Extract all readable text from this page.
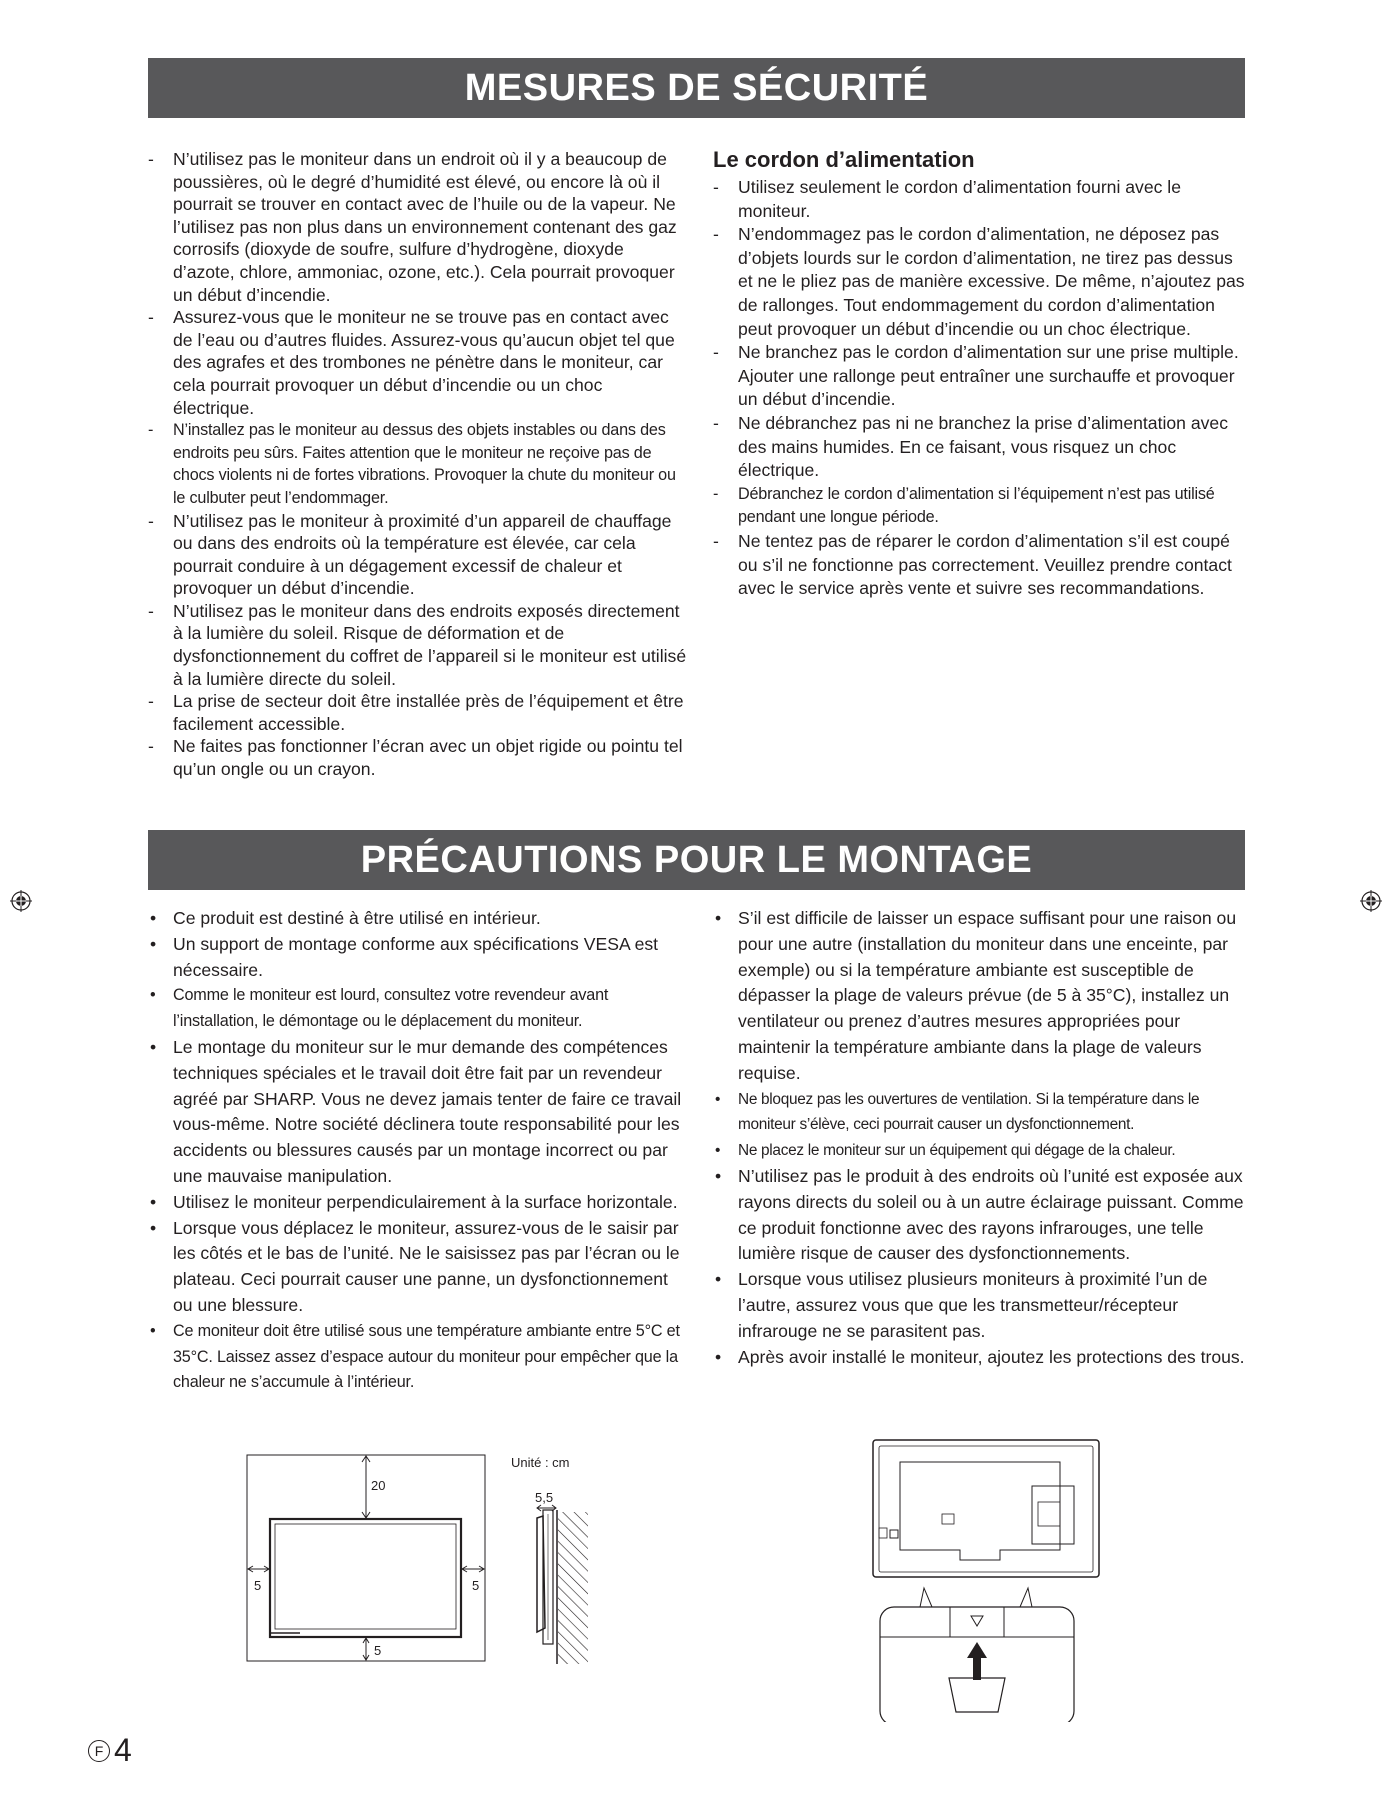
MESURES DE SÉCURITÉ
- N’utilisez pas le moniteur dans un endroit où il y a beaucoup de poussières, où le degré d’humidité est élevé, ou encore là où il pourrait se trouver en contact avec de l’huile ou de la vapeur. Ne l’utilisez pas non plus dans un environnement contenant des gaz corrosifs (dioxyde de soufre, sulfure d’hydrogène, dioxyde d’azote, chlore, ammoniac, ozone, etc.). Cela pourrait provoquer un début d’incendie.
- Assurez-vous que le moniteur ne se trouve pas en contact avec de l’eau ou d’autres fluides. Assurez-vous qu’aucun objet tel que des agrafes et des trombones ne pénètre dans le moniteur, car cela pourrait provoquer un début d’incendie ou un choc électrique.
- N’installez pas le moniteur au dessus des objets instables ou dans des endroits peu sûrs. Faites attention que le moniteur ne reçoive pas de chocs violents ni de fortes vibrations. Provoquer la chute du moniteur ou le culbuter peut l’endommager.
- N’utilisez pas le moniteur à proximité d’un appareil de chauffage ou dans des endroits où la température est élevée, car cela pourrait conduire à un dégagement excessif de chaleur et provoquer un début d’incendie.
- N’utilisez pas le moniteur dans des endroits exposés directement à la lumière du soleil. Risque de déformation et de dysfonctionnement du coffret de l’appareil si le moniteur est utilisé à la lumière directe du soleil.
- La prise de secteur doit être installée près de l’équipement et être facilement accessible.
- Ne faites pas fonctionner l’écran avec un objet rigide ou pointu tel qu’un ongle ou un crayon.
Le cordon d’alimentation
- Utilisez seulement le cordon d’alimentation fourni avec le moniteur.
- N’endommagez pas le cordon d’alimentation, ne déposez pas d’objets lourds sur le cordon d’alimentation, ne tirez pas dessus et ne le pliez pas de manière excessive. De même, n’ajoutez pas de rallonges. Tout endommagement du cordon d’alimentation peut provoquer un début d’incendie ou un choc électrique.
- Ne branchez pas le cordon d’alimentation sur une prise multiple. Ajouter une rallonge peut entraîner une surchauffe et provoquer un début d’incendie.
- Ne débranchez pas ni ne branchez la prise d’alimentation avec des mains humides. En ce faisant, vous risquez un choc électrique.
- Débranchez le cordon d’alimentation si l’équipement n’est pas utilisé pendant une longue période.
- Ne tentez pas de réparer le cordon d’alimentation s’il est coupé ou s’il ne fonctionne pas correctement. Veuillez prendre contact avec le service après vente et suivre ses recommandations.
PRÉCAUTIONS POUR LE MONTAGE
• Ce produit est destiné à être utilisé en intérieur.
• Un support de montage conforme aux spécifications VESA est nécessaire.
• Comme le moniteur est lourd, consultez votre revendeur avant l’installation, le démontage ou le déplacement du moniteur.
• Le montage du moniteur sur le mur demande des compétences techniques spéciales et le travail doit être fait par un revendeur agréé par SHARP. Vous ne devez jamais tenter de faire ce travail vous-même. Notre société déclinera toute responsabilité pour les accidents ou blessures causés par un montage incorrect ou par une mauvaise manipulation.
• Utilisez le moniteur perpendiculairement à la surface horizontale.
• Lorsque vous déplacez le moniteur, assurez-vous de le saisir par les côtés et le bas de l’unité. Ne le saisissez pas par l’écran ou le plateau. Ceci pourrait causer une panne, un dysfonctionnement ou une blessure.
• Ce moniteur doit être utilisé sous une température ambiante entre 5°C et 35°C. Laissez assez d’espace autour du moniteur pour empêcher que la chaleur ne s’accumule à l’intérieur.
• S’il est difficile de laisser un espace suffisant pour une raison ou pour une autre (installation du moniteur dans une enceinte, par exemple) ou si la température ambiante est susceptible de dépasser la plage de valeurs prévue (de 5 à 35°C), installez un ventilateur ou prenez d’autres mesures appropriées pour maintenir la température ambiante dans la plage de valeurs requise.
• Ne bloquez pas les ouvertures de ventilation. Si la température dans le moniteur s’élève, ceci pourrait causer un dysfonctionnement.
• Ne placez le moniteur sur un équipement qui dégage de la chaleur.
• N’utilisez pas le produit à des endroits où l’unité est exposée aux rayons directs du soleil ou à un autre éclairage puissant. Comme ce produit fonctionne avec des rayons infrarouges, une telle lumière risque de causer des dysfonctionnements.
• Lorsque vous utilisez plusieurs moniteurs à proximité l’un de l’autre, assurez vous que que les transmetteur/récepteur infrarouge ne se parasitent pas.
• Après avoir installé le moniteur, ajoutez les protections des trous.
20
5	5
5
Unité : cm
5,5
F 4
